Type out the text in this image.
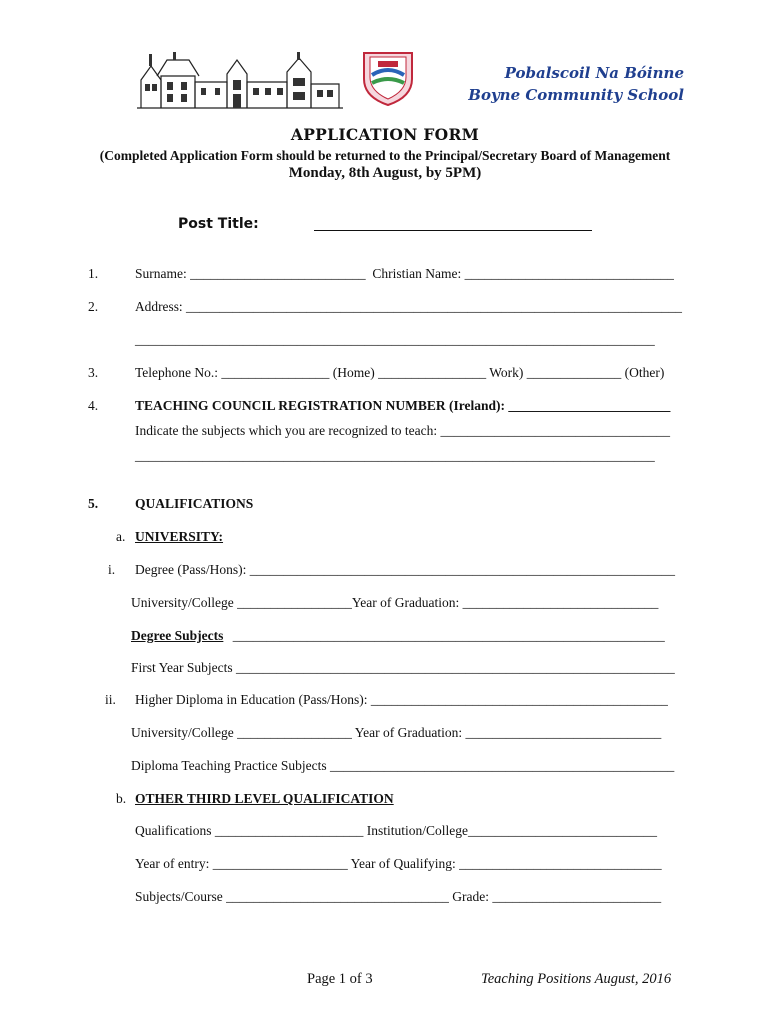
Pobalscoil Na Bóinne
Boyne Community School
APPLICATION FORM
(Completed Application Form should be returned to the Principal/Secretary Board of Management
Monday, 8th August, by 5PM)
Post Title:
1.	Surname: __________________________  Christian Name: _______________________________
2.	Address: __________________________________________________________________________
_____________________________________________________________________________
3.	Telephone No.: ________________ (Home) ________________ Work) ______________ (Other)
4.	TEACHING COUNCIL REGISTRATION NUMBER (Ireland): ________________________
Indicate the subjects which you are recognized to teach: __________________________________
_____________________________________________________________________________
5.	QUALIFICATIONS
a. UNIVERSITY:
i. Degree (Pass/Hons): _______________________________________________________________
University/College _________________Year of Graduation: _____________________________
Degree Subjects ________________________________________________________________
First Year Subjects _________________________________________________________________
ii. Higher Diploma in Education (Pass/Hons): ____________________________________________
University/College _________________ Year of Graduation: _____________________________
Diploma Teaching Practice Subjects ___________________________________________________
b. OTHER THIRD LEVEL QUALIFICATION
Qualifications ______________________ Institution/College____________________________
Year of entry: ____________________ Year of Qualifying: ______________________________
Subjects/Course _________________________________ Grade: _________________________
Page 1 of 3	Teaching Positions August, 2016
